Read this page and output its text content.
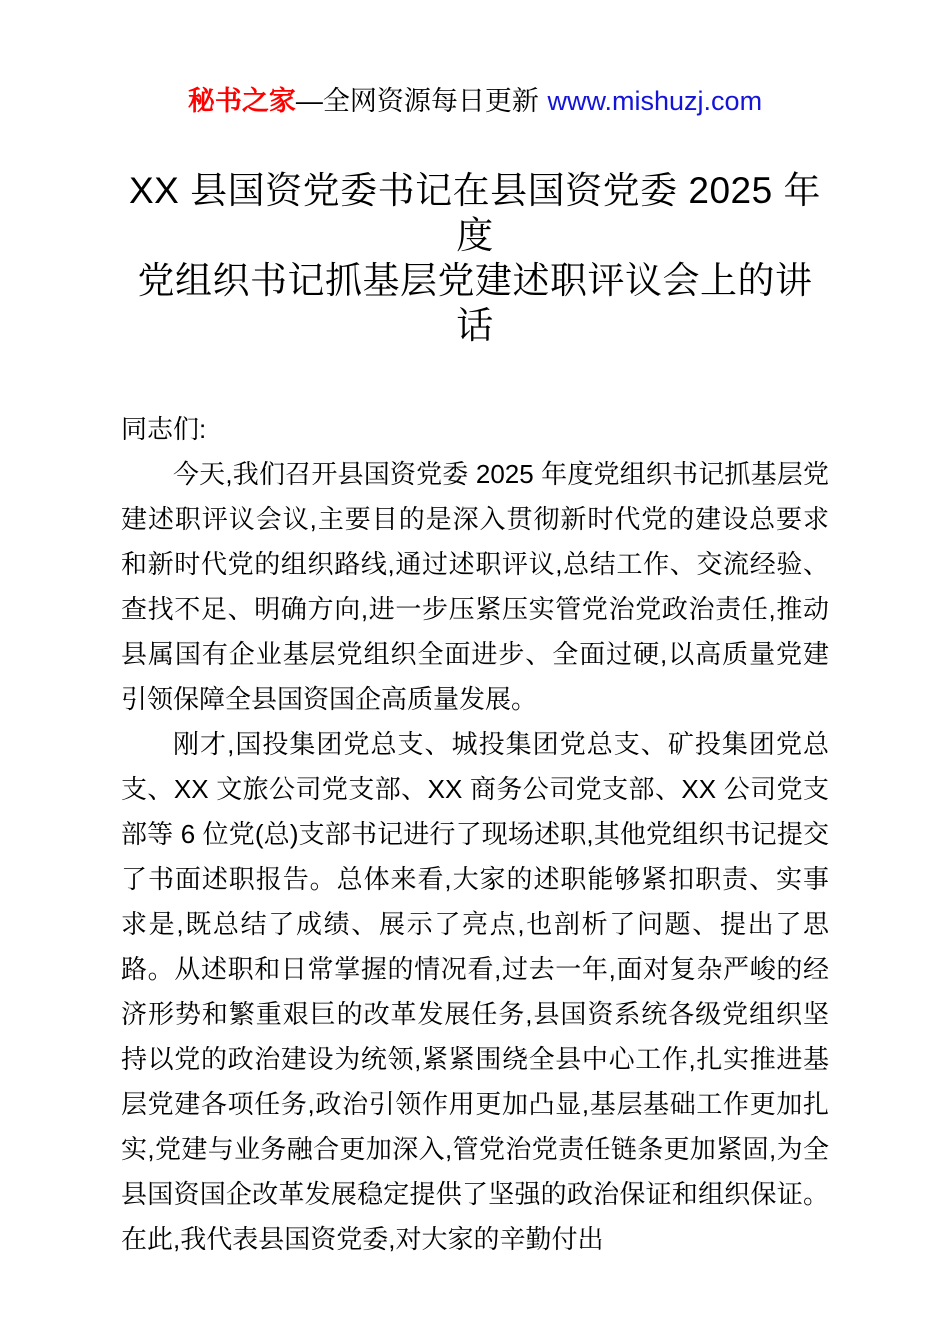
秘书之家—全网资源每日更新 www.mishuzj.com
XX 县国资党委书记在县国资党委 2025 年度
党组织书记抓基层党建述职评议会上的讲话

同志们:

今天,我们召开县国资党委 2025 年度党组织书记抓基层党建述职评议会议,主要目的是深入贯彻新时代党的建设总要求和新时代党的组织路线,通过述职评议,总结工作、交流经验、查找不足、明确方向,进一步压紧压实管党治党政治责任,推动县属国有企业基层党组织全面进步、全面过硬,以高质量党建引领保障全县国资国企高质量发展。

刚才,国投集团党总支、城投集团党总支、矿投集团党总支、XX 文旅公司党支部、XX 商务公司党支部、XX 公司党支部等 6 位党(总)支部书记进行了现场述职,其他党组织书记提交了书面述职报告。总体来看,大家的述职能够紧扣职责、实事求是,既总结了成绩、展示了亮点,也剖析了问题、提出了思路。从述职和日常掌握的情况看,过去一年,面对复杂严峻的经济形势和繁重艰巨的改革发展任务,县国资系统各级党组织坚持以党的政治建设为统领,紧紧围绕全县中心工作,扎实推进基层党建各项任务,政治引领作用更加凸显,基层基础工作更加扎实,党建与业务融合更加深入,管党治党责任链条更加紧固,为全县国资国企改革发展稳定提供了坚强的政治保证和组织保证。在此,我代表县国资党委,对大家的辛勤付出
